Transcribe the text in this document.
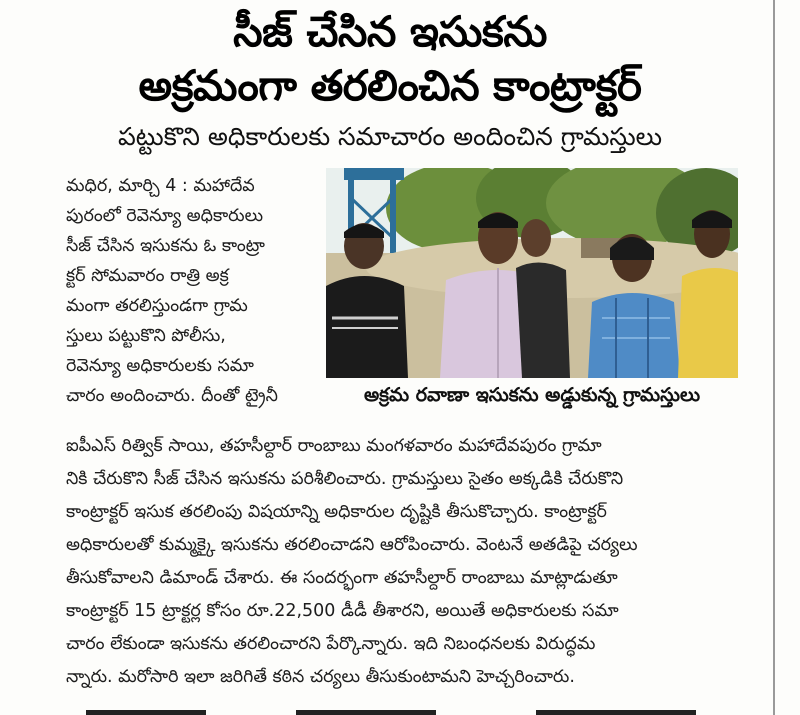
సీజ్ చేసిన ఇసుకను
అక్రమంగా తరలించిన కాంట్రాక్టర్
పట్టుకొని అధికారులకు సమాచారం అందించిన గ్రామస్తులు
మధిర, మార్చి 4 : మహాదేవ
పురంలో రెవెన్యూ అధికారులు
సీజ్ చేసిన ఇసుకను ఓ కాంట్రా
క్టర్ సోమవారం రాత్రి అక్ర
మంగా తరలిస్తుండగా గ్రామ
స్తులు పట్టుకొని పోలీసు,
రెవెన్యూ అధికారులకు సమా
చారం అందించారు. దీంతో ట్రైనీ	అక్రమ రవాణా ఇసుకను అడ్డుకున్న గ్రామస్తులు
ఐపీఎస్ రిత్విక్ సాయి, తహసీల్దార్ రాంబాబు మంగళవారం మహాదేవపురం గ్రామా
నికి చేరుకొని సీజ్ చేసిన ఇసుకను పరిశీలించారు. గ్రామస్తులు సైతం అక్కడికి చేరుకొని
కాంట్రాక్టర్ ఇసుక తరలింపు విషయాన్ని అధికారుల దృష్టికి తీసుకొచ్చారు. కాంట్రాక్టర్
అధికారులతో కుమ్మక్కై ఇసుకను తరలించాడని ఆరోపించారు. వెంటనే అతడిపై చర్యలు
తీసుకోవాలని డిమాండ్ చేశారు. ఈ సందర్భంగా తహసీల్దార్ రాంబాబు మాట్లాడుతూ
కాంట్రాక్టర్ 15 ట్రాక్టర్ల కోసం రూ.22,500 డీడీ తీశారని, అయితే అధికారులకు సమా
చారం లేకుండా ఇసుకను తరలించారని పేర్కొన్నారు. ఇది నిబంధనలకు విరుద్ధమ
న్నారు. మరోసారి ఇలా జరిగితే కఠిన చర్యలు తీసుకుంటామని హెచ్చరించారు.
